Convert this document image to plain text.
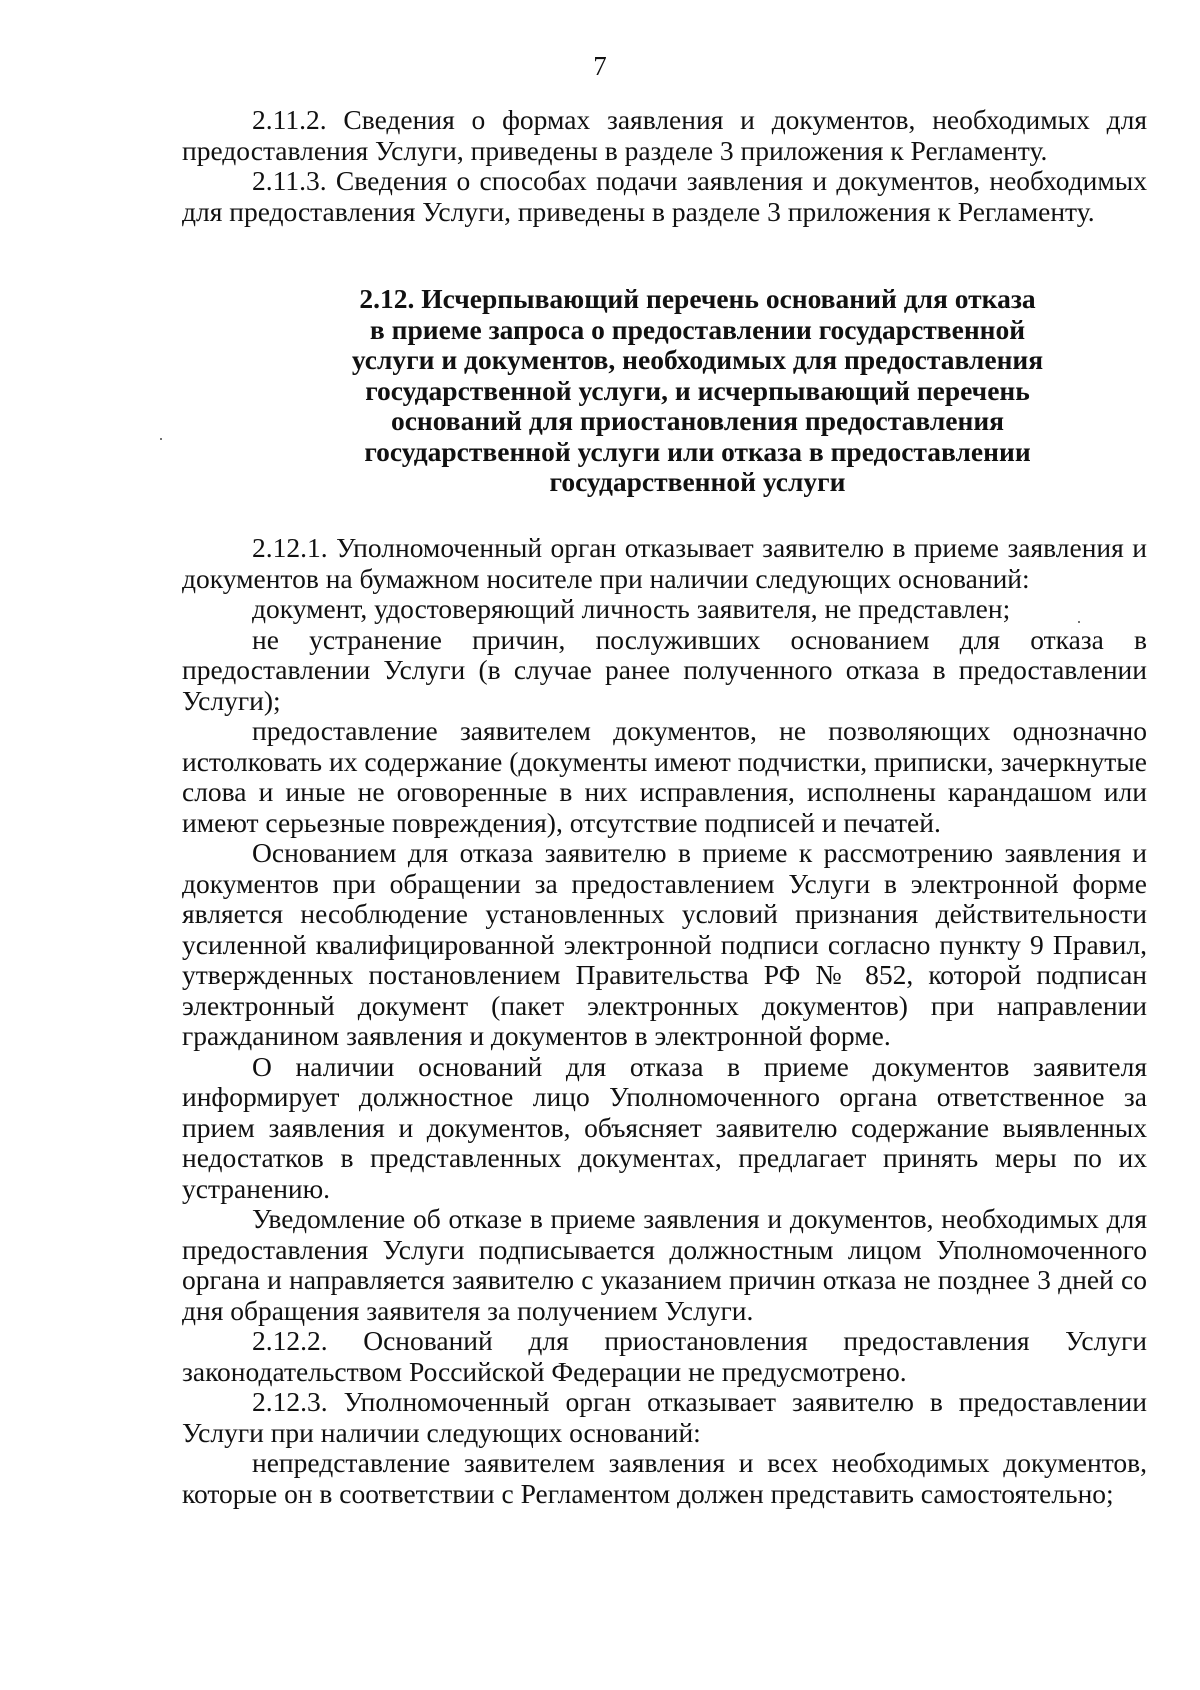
7

2.11.2. Сведения о формах заявления и документов, необходимых для предоставления Услуги, приведены в разделе 3 приложения к Регламенту.

2.11.3. Сведения о способах подачи заявления и документов, необходимых для предоставления Услуги, приведены в разделе 3 приложения к Регламенту.

2.12. Исчерпывающий перечень оснований для отказа
в приеме запроса о предоставлении государственной
услуги и документов, необходимых для предоставления
государственной услуги, и исчерпывающий перечень
оснований для приостановления предоставления
государственной услуги или отказа в предоставлении
государственной услуги

2.12.1. Уполномоченный орган отказывает заявителю в приеме заявления и документов на бумажном носителе при наличии следующих оснований:

документ, удостоверяющий личность заявителя, не представлен;

не устранение причин, послуживших основанием для отказа в предоставлении Услуги (в случае ранее полученного отказа в предоставлении Услуги);

предоставление заявителем документов, не позволяющих однозначно истолковать их содержание (документы имеют подчистки, приписки, зачеркнутые слова и иные не оговоренные в них исправления, исполнены карандашом или имеют серьезные повреждения), отсутствие подписей и печатей.

Основанием для отказа заявителю в приеме к рассмотрению заявления и документов при обращении за предоставлением Услуги в электронной форме является несоблюдение установленных условий признания действительности усиленной квалифицированной электронной подписи согласно пункту 9 Правил, утвержденных постановлением Правительства РФ № 852, которой подписан электронный документ (пакет электронных документов) при направлении гражданином заявления и документов в электронной форме.

О наличии оснований для отказа в приеме документов заявителя информирует должностное лицо Уполномоченного органа ответственное за прием заявления и документов, объясняет заявителю содержание выявленных недостатков в представленных документах, предлагает принять меры по их устранению.

Уведомление об отказе в приеме заявления и документов, необходимых для предоставления Услуги подписывается должностным лицом Уполномоченного органа и направляется заявителю с указанием причин отказа не позднее 3 дней со дня обращения заявителя за получением Услуги.

2.12.2. Оснований для приостановления предоставления Услуги законодательством Российской Федерации не предусмотрено.

2.12.3. Уполномоченный орган отказывает заявителю в предоставлении Услуги при наличии следующих оснований:

непредставление заявителем заявления и всех необходимых документов, которые он в соответствии с Регламентом должен представить самостоятельно;
